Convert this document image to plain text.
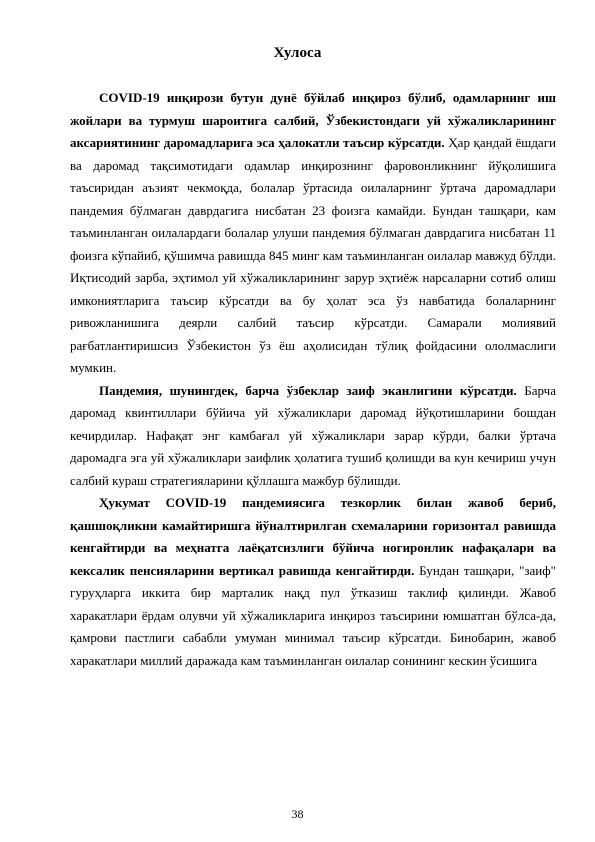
Хулоса

COVID-19 инқирози бутун дунё бўйлаб инқироз бўлиб, одамларнинг иш жойлари ва турмуш шароитига салбий, Ўзбекистондаги уй хўжаликларининг аксариятининг даромадларига эса ҳалокатли таъсир кўрсатди. Ҳар қандай ёшдаги ва даромад тақсимотидаги одамлар инқирознинг фаровонликнинг йўқолишига таъсиридан аъзият чекмоқда, болалар ўртасида оилаларнинг ўртача даромадлари пандемия бўлмаган даврдагига нисбатан 23 фоизга камайди. Бундан ташқари, кам таъминланган оилалардаги болалар улуши пандемия бўлмаган даврдагига нисбатан 11 фоизга кўпайиб, қўшимча равишда 845 минг кам таъминланган оилалар мавжуд бўлди. Иқтисодий зарба, эҳтимол уй хўжаликларининг зарур эҳтиёж нарсаларни сотиб олиш имкониятларига таъсир кўрсатди ва бу ҳолат эса ўз навбатида болаларнинг ривожланишига деярли салбий таъсир кўрсатди. Самарали молиявий рағбатлантиришсиз Ўзбекистон ўз ёш аҳолисидан тўлиқ фойдасини ололмаслиги мумкин.

Пандемия, шунингдек, барча ўзбеклар заиф эканлигини кўрсатди. Барча даромад квинтиллари бўйича уй хўжаликлари даромад йўқотишларини бошдан кечирдилар. Нафақат энг камбағал уй хўжаликлари зарар кўрди, балки ўртача даромадга эга уй хўжаликлари заифлик ҳолатига тушиб қолишди ва кун кечириш учун салбий кураш стратегияларини қўллашга мажбур бўлишди.

Ҳукумат COVID-19 пандемиясига тезкорлик билан жавоб бериб, қашшоқликни камайтиришга йўналтирилган схемаларини горизонтал равишда кенгайтирди ва меҳнатга лаёқатсизлиги бўйича ногиронлик нафақалари ва кексалик пенсияларини вертикал равишда кенгайтирди. Бундан ташқари, "заиф" гуруҳларга иккита бир марталик нақд пул ўтказиш таклиф қилинди. Жавоб харакатлари ёрдам олувчи уй хўжаликларига инқироз таъсирини юмшатган бўлса-да, қамрови пастлиги сабабли умуман минимал таъсир кўрсатди. Бинобарин, жавоб харакатлари миллий даражада кам таъминланган оилалар сонининг кескин ўсишига

38
